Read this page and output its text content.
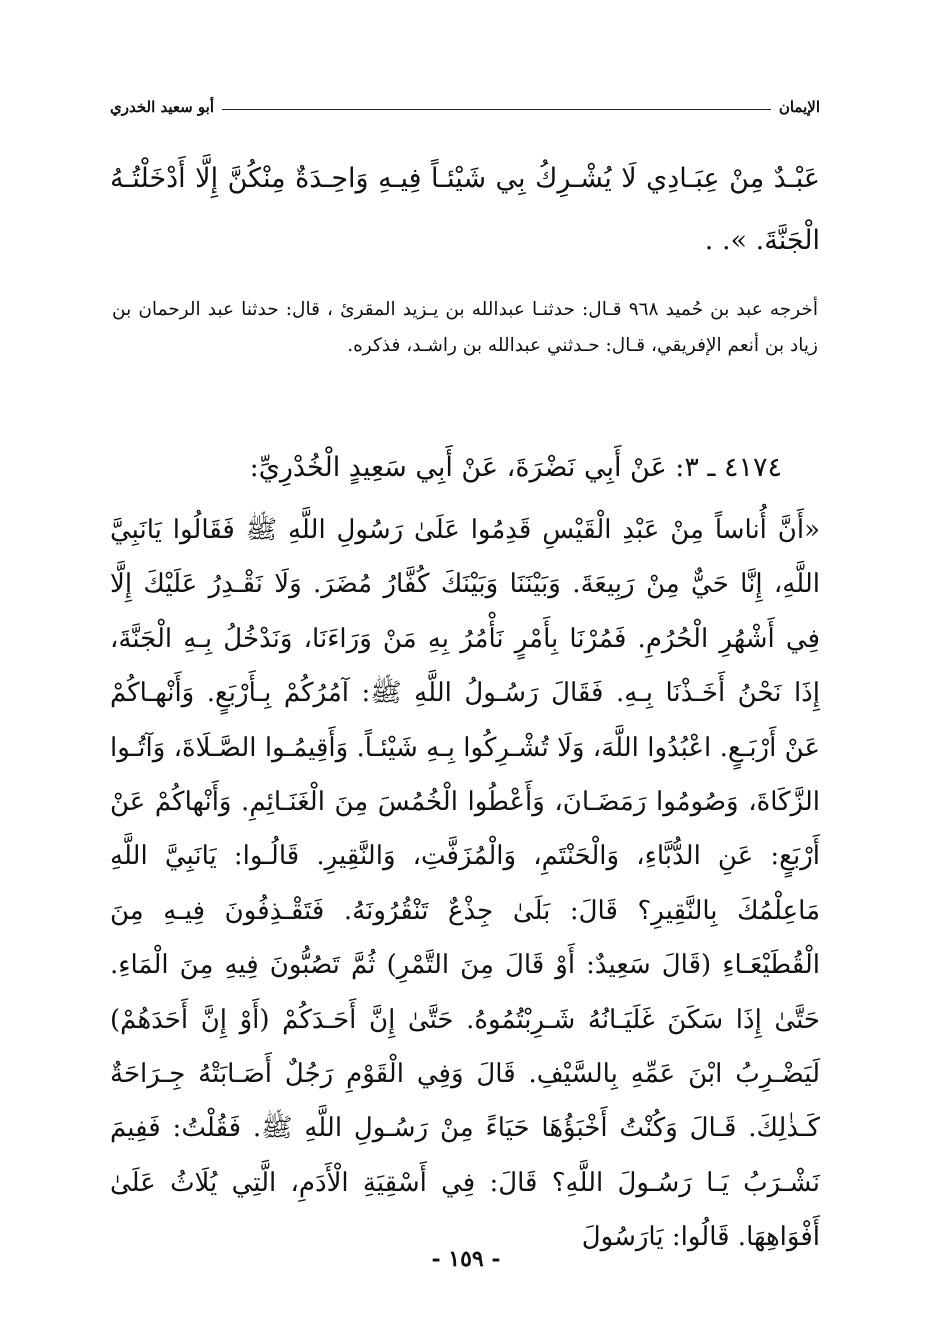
الإيمان
أبو سعيد الخدري

عَبْـدٌ مِنْ عِبَـادِي لَا يُشْـرِكُ بِي شَيْئـاً فِيـهِ وَاحِـدَةٌ مِنْكُنَّ إِلَّا أَدْخَلْتُـهُ الْجَنَّةَ. ». .

أخرجه عبد بن حُميد ٩٦٨ قـال: حدثنـا عبدالله بن يـزيد المقرئ ، قال: حدثنا عبد الرحمان بن زياد بن أنعم الإفريقي، قـال: حـدثني عبدالله بن راشـد، فذكره.

٤١٧٤ ـ ٣: عَنْ أَبِي نَضْرَةَ، عَنْ أَبِي سَعِيدٍ الْخُدْرِيِّ:

«أَنَّ أُناساً مِنْ عَبْدِ الْقَيْسِ قَدِمُوا عَلَىٰ رَسُولِ اللَّهِ ﷺ فَقَالُوا يَانَبِيَّ اللَّهِ، إِنَّا حَيٌّ مِنْ رَبِيعَةَ. وَبَيْنَنَا وَبَيْنَكَ كُفَّارُ مُضَرَ. وَلَا نَقْـدِرُ عَلَيْكَ إِلَّا فِي أَشْهُرِ الْحُرُمِ. فَمُرْنَا بِأَمْرٍ نَأْمُرُ بِهِ مَنْ وَرَاءَنَا، وَنَدْخُلُ بِـهِ الْجَنَّةَ، إِذَا نَحْنُ أَخَـذْنَا بِـهِ. فَقَالَ رَسُـولُ اللَّهِ ﷺ: آمُرُكُمْ بِـأَرْبَعٍ. وَأَنْهـاكُمْ عَنْ أَرْبَـعٍ. اعْبُدُوا اللَّهَ، وَلَا تُشْـرِكُوا بِـهِ شَيْئـاً. وَأَقِيمُـوا الصَّـلَاةَ، وَآتُـوا الزَّكَاةَ، وَصُومُوا رَمَضَـانَ، وَأَعْطُوا الْخُمُسَ مِنَ الْغَنَـائِمِ. وَأَنْهاكُمْ عَنْ أَرْبَعٍ: عَنِ الدُّبَّاءِ، وَالْحَنْتَمِ، وَالْمُزَفَّتِ، وَالنَّقِيرِ. قَالُـوا: يَانَبِيَّ اللَّهِ مَاعِلْمُكَ بِالنَّقِيرِ؟ قَالَ: بَلَىٰ جِذْعٌ تَنْقُرُونَهُ. فَتَقْـذِفُونَ فِيـهِ مِنَ الْقُطَيْعَـاءِ (قَالَ سَعِيدٌ: أَوْ قَالَ مِنَ التَّمْرِ) ثُمَّ تَصُبُّونَ فِيهِ مِنَ الْمَاءِ. حَتَّىٰ إِذَا سَكَنَ غَلَيَـانُهُ شَـرِبْتُمُوهُ. حَتَّىٰ إِنَّ أَحَـدَكُمْ (أَوْ إِنَّ أَحَدَهُمْ) لَيَضْـرِبُ ابْنَ عَمِّهِ بِالسَّيْفِ. قَالَ وَفِي الْقَوْمِ رَجُلٌ أَصَـابَتْهُ جِـرَاحَةٌ كَـذٰلِكَ. قَـالَ وَكُنْتُ أَخْبَؤُهَا حَيَاءً مِنْ رَسُـولِ اللَّهِ ﷺ. فَقُلْتُ: فَفِيمَ نَشْـرَبُ يَـا رَسُـولَ اللَّهِ؟ قَالَ: فِي أَسْقِيَةِ الْأَدَمِ، الَّتِي يُلَاثُ عَلَىٰ أَفْوَاهِهَا. قَالُوا: يَارَسُولَ

- ١٥٩ -
